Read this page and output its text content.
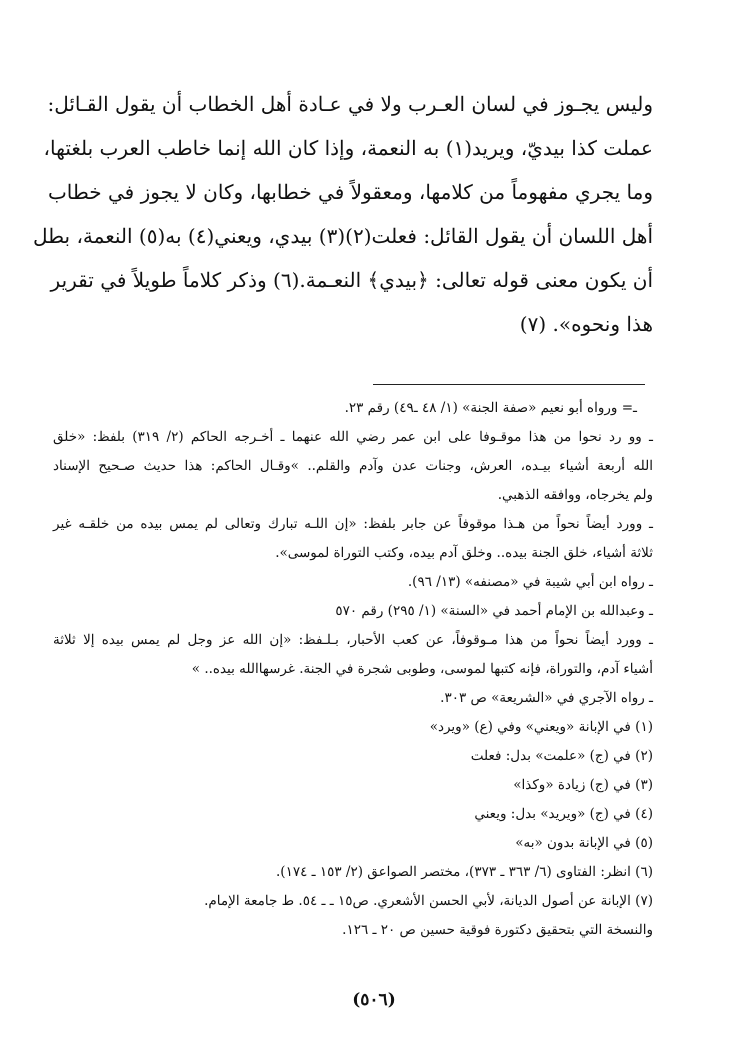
وليس يجـوز في لسان العـرب ولا في عـادة أهل الخطاب أن يقول القـائل:
عملت كذا بيديّ، ويريد(١) به النعمة، وإذا كان الله إنما خاطب العرب بلغتها،
وما يجري مفهوماً من كلامها، ومعقولاً في خطابها، وكان لا يجوز في خطاب
أهل اللسان أن يقول القائل: فعلت(٢)(٣) بيدي، ويعني(٤) به(٥) النعمة، بطل
أن يكون معنى قوله تعالى: ﴿بيدي﴾ النعـمة.(٦) وذكر كلاماً طويلاً في تقرير
هذا ونحوه». (٧)
ـ= ورواه أبو نعيم «صفة الجنة» (١/ ٤٨ ـ٤٩) رقم ٢٣.
ـ وو رد نحوا من هذا موقـوفا على ابن عمر رضي الله عنهما ـ أخـرجه الحاكم (٢/ ٣١٩) بلفظ: «خلق
الله أربعة أشياء بيـده، العرش، وجنات عدن وآدم والقلم.. »وقـال الحاكم: هذا حديث صـحيح الإسناد
ولم يخرجاه، ووافقه الذهبي.
ـ وورد أيضاً نحواً من هـذا موقوفاً عن جابر بلفظ: «إن اللـه تبارك وتعالى لم يمس بيده من خلقـه غير
ثلاثة أشياء، خلق الجنة بيده.. وخلق آدم بيده، وكتب التوراة لموسى».
ـ رواه ابن أبي شيبة في «مصنفه» (١٣/ ٩٦).
ـ وعبدالله بن الإمام أحمد في «السنة» (١/ ٢٩٥) رقم ٥٧٠
ـ وورد أيضاً نحواً من هذا مـوقوفاً، عن كعب الأحبار، بـلـفظ: «إن الله عز وجل لم يمس بيده إلا ثلاثة
أشياء آدم، والتوراة، فإنه كتبها لموسى، وطوبى شجرة في الجنة. غرسهاالله بيده.. »
ـ رواه الآجري في «الشريعة» ص ٣٠٣.
(١) في الإبانة «ويعني» وفي (ع) «ويرد»
(٢) في (ج) «علمت» بدل: فعلت
(٣) في (ج) زيادة «وكذا»
(٤) في (ج) «ويريد» بدل: ويعني
(٥) في الإبانة بدون «به»
(٦) انظر: الفتاوى (٦/ ٣٦٣ ـ ٣٧٣)، مختصر الصواعق (٢/ ١٥٣ ـ ١٧٤).
(٧) الإبانة عن أصول الديانة، لأبي الحسن الأشعري. ص١٥ ـ ـ ٥٤. ط جامعة الإمام.
والنسخة التي بتحقيق دكتورة فوقية حسين ص ٢٠ ـ ١٢٦.
(٥٠٦)
